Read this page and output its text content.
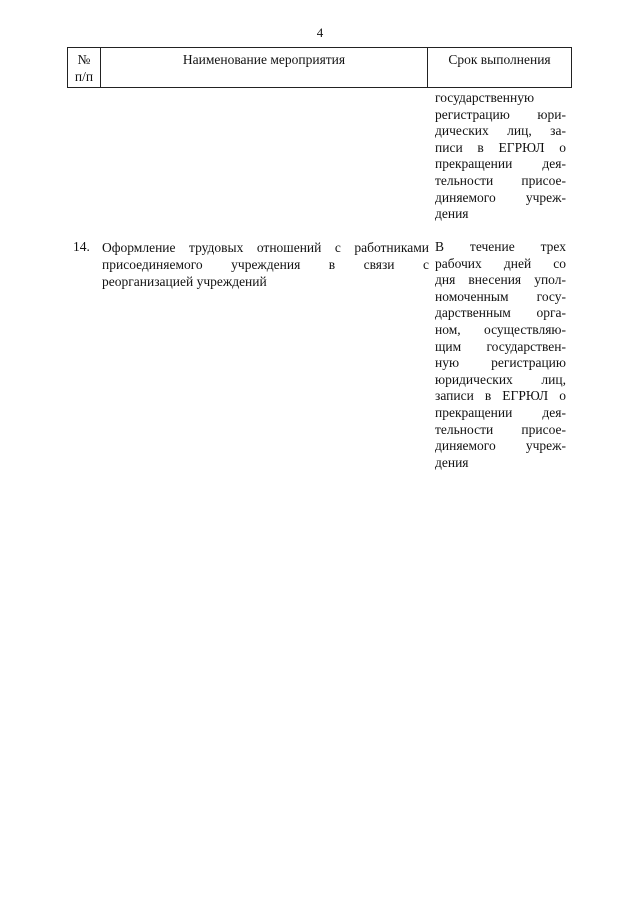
4
№
п/п
Наименование мероприятия	Срок выполнения
государственную
регистрацию юри-
дических лиц, за-
писи в ЕГРЮЛ о
прекращении дея-
тельности присое-
диняемого учреж-
дения
14. Оформление трудовых отношений с работниками
присоединяемого учреждения в связи с
реорганизацией учреждений
В течение трех
рабочих дней со
дня внесения упол-
номоченным госу-
дарственным орга-
ном, осуществляю-
щим государствен-
ную регистрацию
юридических лиц,
записи в ЕГРЮЛ о
прекращении дея-
тельности присое-
диняемого учреж-
дения
